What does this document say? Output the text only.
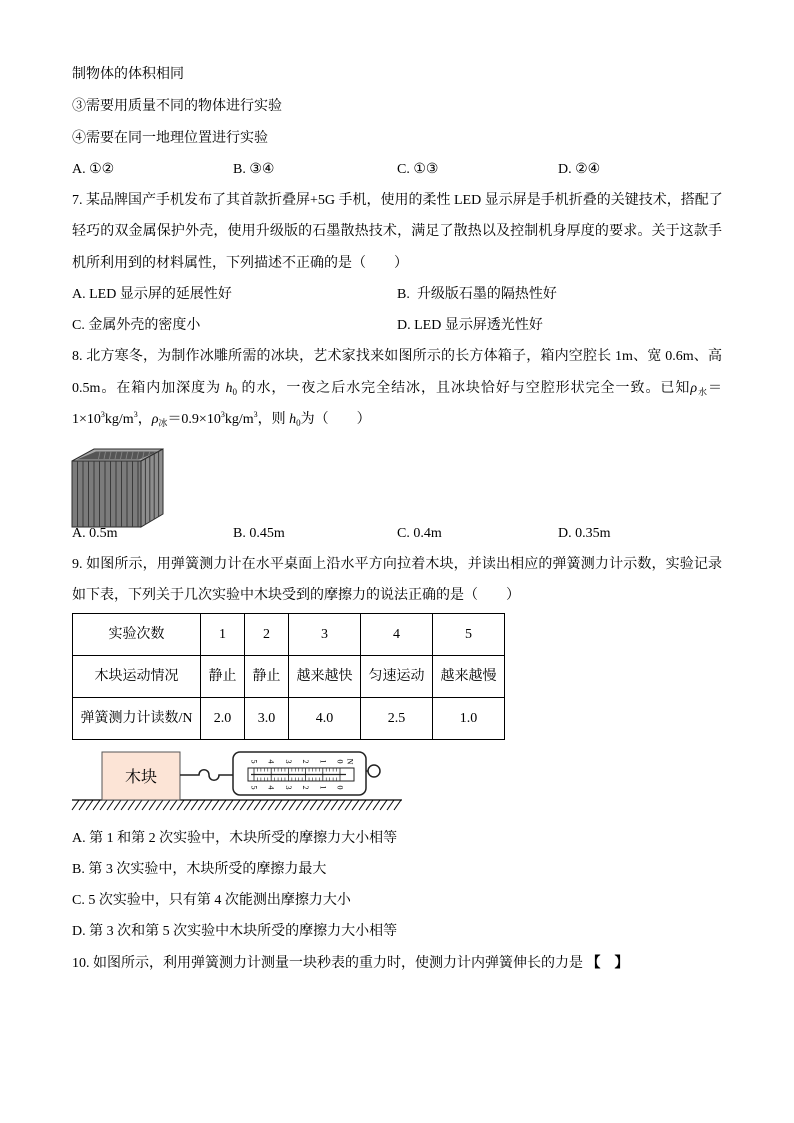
制物体的体积相同
③需要用质量不同的物体进行实验
④需要在同一地理位置进行实验
A. ①②	B. ③④	C. ①③	D. ②④
7. 某品牌国产手机发布了其首款折叠屏+5G 手机，使用的柔性 LED 显示屏是手机折叠的关键技术，搭配了
轻巧的双金属保护外壳，使用升级版的石墨散热技术，满足了散热以及控制机身厚度的要求。关于这款手
机所利用到的材料属性，下列描述不正确的是（　　）
A. LED 显示屏的延展性好	B.  升级版石墨的隔热性好
C. 金属外壳的密度小	D. LED 显示屏透光性好
8. 北方寒冬，为制作冰雕所需的冰块，艺术家找来如图所示的长方体箱子，箱内空腔长 1m、宽 0.6m、高
0.5m。在箱内加深度为 $h_0$ 的水，一夜之后水完全结冰，且冰块恰好与空腔形状完全一致。已知$\rho_水=$
$1\times 10^3kg/m^3$，$\rho_冰=0.9\times 10^3kg/m^3$，则 $h_0$为（　　）
A. 0.5m	B. 0.45m	C. 0.4m	D. 0.35m
9. 如图所示，用弹簧测力计在水平桌面上沿水平方向拉着木块，并读出相应的弹簧测力计示数，实验记录
如下表，下列关于几次实验中木块受到的摩擦力的说法正确的是（　　）
实验次数	1	2	3	4	5
木块运动情况	静止	静止	越来越快	匀速运动	越来越慢
弹簧测力计读数/N	2.0	3.0	4.0	2.5	1.0
木块
0
1
2
3
4
5	N
0
1
2
3
4
5
A. 第 1 和第 2 次实验中，木块所受的摩擦力大小相等
B. 第 3 次实验中，木块所受的摩擦力最大
C. 5 次实验中，只有第 4 次能测出摩擦力大小
D. 第 3 次和第 5 次实验中木块所受的摩擦力大小相等
10. 如图所示，利用弹簧测力计测量一块秒表的重力时，使测力计内弹簧伸长的力是 【　】
